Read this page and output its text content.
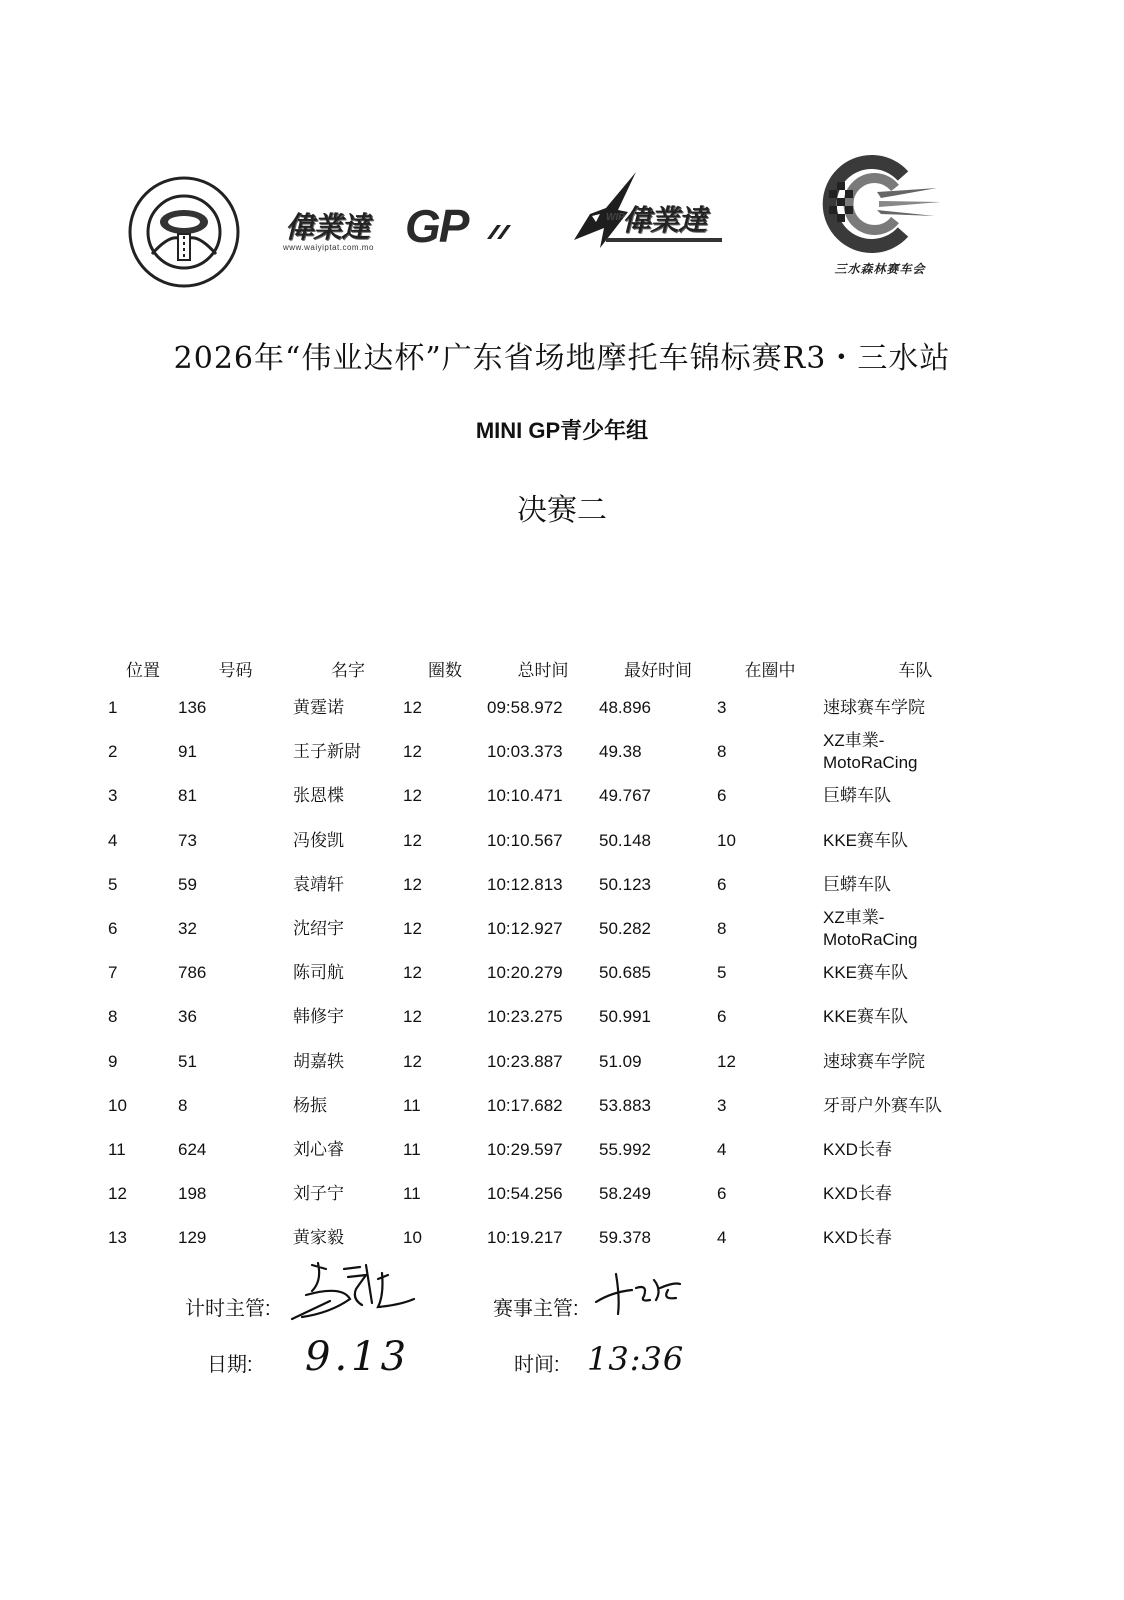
偉業達
www.waiyiptat.com.mo GP	WIP
偉業達
三水森林赛车会
2026年“伟业达杯”广东省场地摩托车锦标赛R3・三水站
MINI GP青少年组
决赛二
位置	号码	名字	圈数	总时间	最好时间	在圈中	车队
1	136	黄霆诺	12	09:58.972	48.896	3	速球赛车学院
2	91	王子新尉	12	10:03.373	49.38	8	XZ車業-
MotoRaCing
3	81	张恩楪	12	10:10.471	49.767	6	巨蟒车队
4	73	冯俊凯	12	10:10.567	50.148	10	KKE赛车队
5	59	袁靖轩	12	10:12.813	50.123	6	巨蟒车队
6	32	沈绍宇	12	10:12.927	50.282	8	XZ車業-
MotoRaCing
7	786	陈司航	12	10:20.279	50.685	5	KKE赛车队
8	36	韩修宇	12	10:23.275	50.991	6	KKE赛车队
9	51	胡嘉轶	12	10:23.887	51.09	12	速球赛车学院
10	8	杨振	11	10:17.682	53.883	3	牙哥户外赛车队
11	624	刘心睿	11	10:29.597	55.992	4	KXD长春
12	198	刘子宁	11	10:54.256	58.249	6	KXD长春
13	129	黄家毅	10	10:19.217	59.378	4	KXD长春
计时主管:	赛事主管:
日期: 9.13	时间: 13:36
